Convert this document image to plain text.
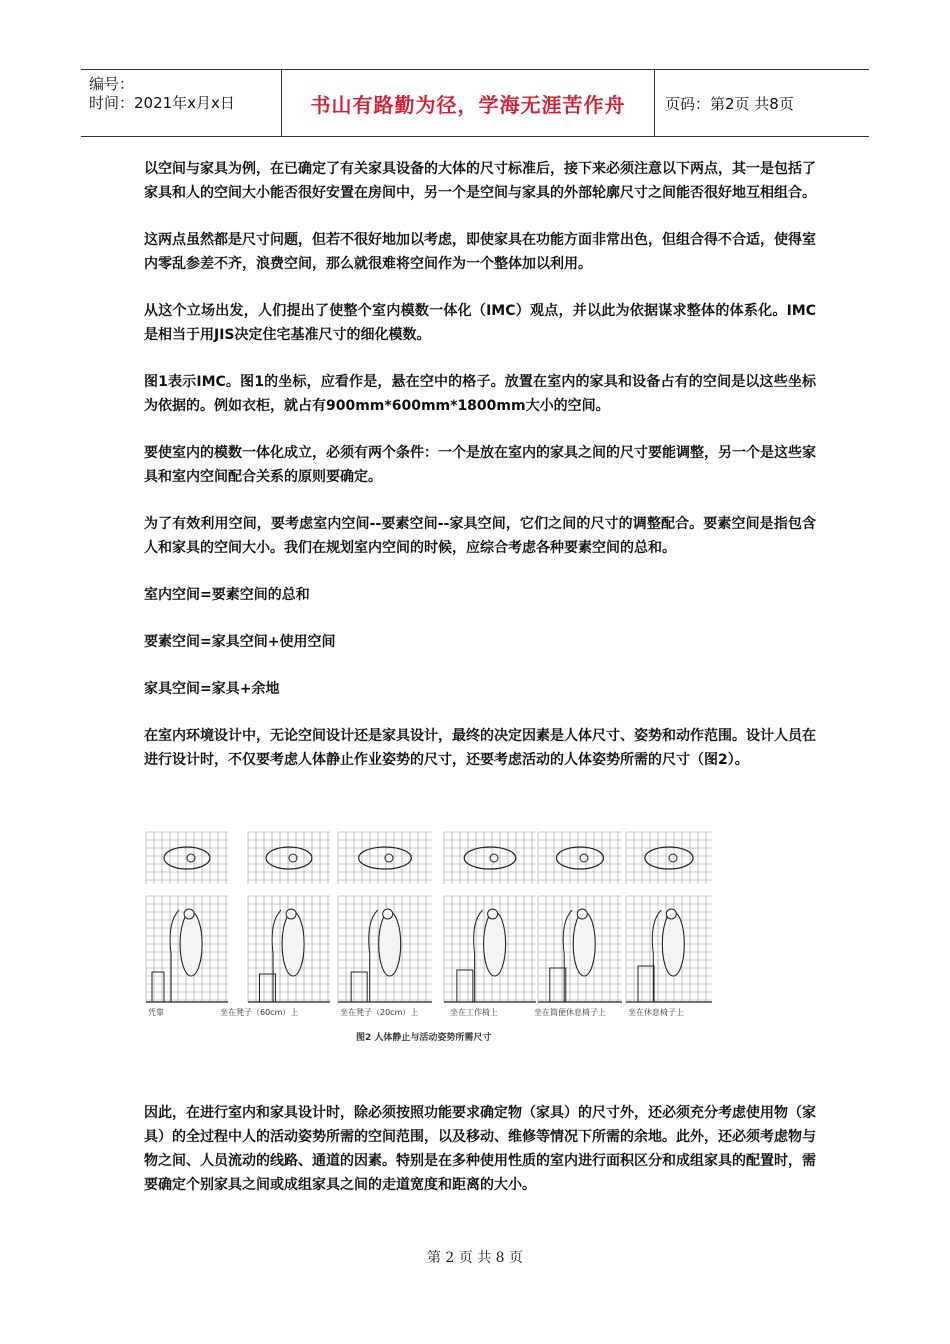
编号：
时间：2021年x月x日	书山有路勤为径，学海无涯苦作舟	页码：第2页 共8页

以空间与家具为例，在已确定了有关家具设备的大体的尺寸标准后，接下来必须注意以下两点，其一是包括了家具和人的空间大小能否很好安置在房间中，另一个是空间与家具的外部轮廓尺寸之间能否很好地互相组合。

这两点虽然都是尺寸问题，但若不很好地加以考虑，即使家具在功能方面非常出色，但组合得不合适，使得室内零乱参差不齐，浪费空间，那么就很难将空间作为一个整体加以利用。

从这个立场出发，人们提出了使整个室内模数一体化（IMC）观点，并以此为依据谋求整体的体系化。IMC是相当于用JIS决定住宅基准尺寸的细化模数。

图1表示IMC。图1的坐标，应看作是，悬在空中的格子。放置在室内的家具和设备占有的空间是以这些坐标为依据的。例如衣柜，就占有900mm*600mm*1800mm大小的空间。

要使室内的模数一体化成立，必须有两个条件：一个是放在室内的家具之间的尺寸要能调整，另一个是这些家具和室内空间配合关系的原则要确定。

为了有效利用空间，要考虑室内空间--要素空间--家具空间，它们之间的尺寸的调整配合。要素空间是指包含人和家具的空间大小。我们在规划室内空间的时候，应综合考虑各种要素空间的总和。

室内空间=要素空间的总和

要素空间=家具空间+使用空间

家具空间=家具+余地

在室内环境设计中，无论空间设计还是家具设计，最终的决定因素是人体尺寸、姿势和动作范围。设计人员在进行设计时，不仅要考虑人体静止作业姿势的尺寸，还要考虑活动的人体姿势所需的尺寸（图2）。

凭靠	坐在凳子（60cm）上	坐在凳子（20cm）上	坐在工作椅上	坐在简便休息椅子上	坐在休息椅子上
图2 人体静止与活动姿势所需尺寸

因此，在进行室内和家具设计时，除必须按照功能要求确定物（家具）的尺寸外，还必须充分考虑使用物（家具）的全过程中人的活动姿势所需的空间范围，以及移动、维修等情况下所需的余地。此外，还必须考虑物与物之间、人员流动的线路、通道的因素。特别是在多种使用性质的室内进行面积区分和成组家具的配置时，需要确定个别家具之间或成组家具之间的走道宽度和距离的大小。

第 2 页 共 8 页
